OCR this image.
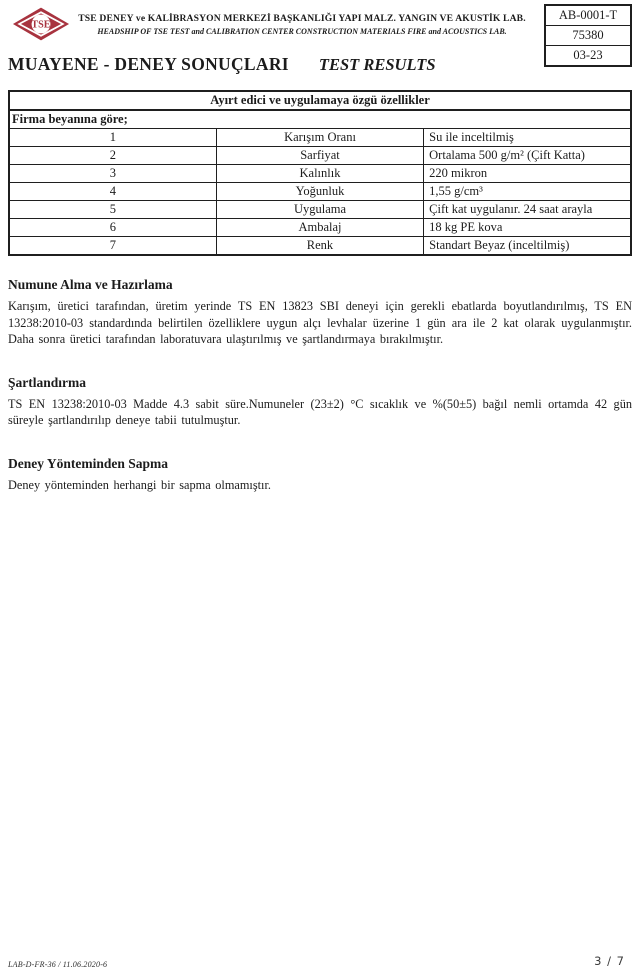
TSE
TSE DENEY ve KALİBRASYON MERKEZİ BAŞKANLIĞI YAPI MALZ. YANGIN VE AKUSTİK LAB.
HEADSHIP OF TSE TEST and CALIBRATION CENTER CONSTRUCTION MATERIALS FIRE and ACOUSTICS LAB.
MUAYENE - DENEY SONUÇLARI TEST RESULTS
AB-0001-T
75380
03-23
Ayırt edici ve uygulamaya özgü özellikler		
Firma beyanına göre;		
1	Karışım Oranı	Su ile inceltilmiş
2	Sarfiyat	Ortalama 500 g/m² (Çift Katta)
3	Kalınlık	220 mikron
4	Yoğunluk	1,55 g/cm³
5	Uygulama	Çift kat uygulanır. 24 saat arayla
6	Ambalaj	18 kg PE kova
7	Renk	Standart Beyaz (inceltilmiş)
Numune Alma ve Hazırlama
Karışım, üretici tarafından, üretim yerinde TS EN 13823 SBI deneyi için gerekli ebatlarda boyutlandırılmış, TS EN 13238:2010-03 standardında belirtilen özelliklere uygun alçı levhalar üzerine 1 gün ara ile 2 kat olarak uygulanmıştır. Daha sonra üretici tarafından laboratuvara ulaştırılmış ve şartlandırmaya bırakılmıştır.
Şartlandırma
TS EN 13238:2010-03 Madde 4.3 sabit süre.Numuneler (23±2) °C sıcaklık ve %(50±5) bağıl nemli ortamda 42 gün süreyle şartlandırılıp deneye tabii tutulmuştur.
Deney Yönteminden Sapma
Deney yönteminden herhangi bir sapma olmamıştır.
LAB-D-FR-36 / 11.06.2020-6	3 / 7
